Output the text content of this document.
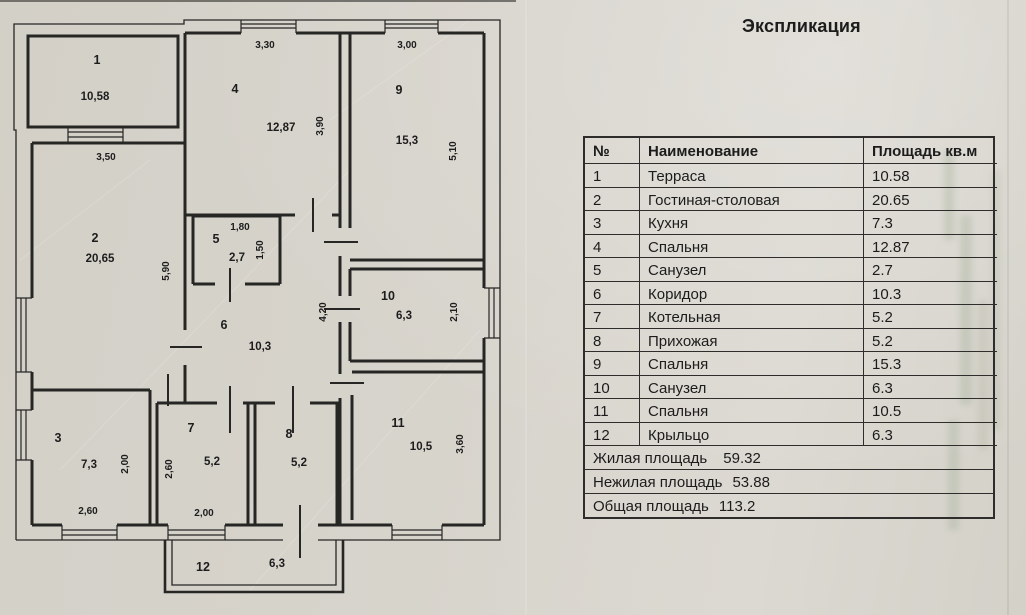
1
2
3
4
5
6
7	8
9
10
11
12
10,58
20,65
7,3
12,87
2,7
10,3
5,2	5,2
15,3
6,3
10,5
6,3
3,50
5,90
3,30
3,90
3,00
5,10
1,80
1,50
4,20	2,10
3,60
2,00
2,60
2,60
2,00
Экспликация
№	Наименование	Площадь кв.м
1	Терраса	10.58
2	Гостиная-столовая	20.65
3	Кухня	7.3
4	Спальня	12.87
5	Санузел	2.7
6	Коридор	10.3
7	Котельная	5.2
8	Прихожая	5.2
9	Спальня	15.3
10	Санузел	6.3
11	Спальня	10.5
12	Крыльцо	6.3
Жилая площадь 59.32
Нежилая площадь 53.88
Общая площадь 113.2
